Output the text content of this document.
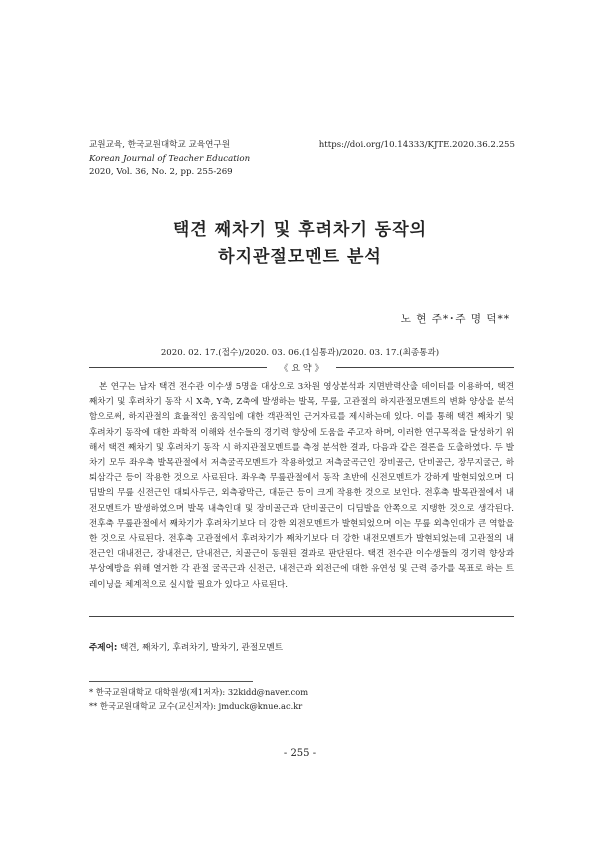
교원교육, 한국교원대학교 교육연구원
Korean Journal of Teacher Education
2020, Vol. 36, No. 2, pp. 255-269
https://doi.org/10.14333/KJTE.2020.36.2.255
택견 째차기 및 후려차기 동작의
하지관절모멘트 분석
노 현 주*･주 명 덕**
2020. 02. 17.(접수)/2020. 03. 06.(1심통과)/2020. 03. 17.(최종통과)
《 요 약 》
본 연구는 남자 택견 전수관 이수생 5명을 대상으로 3차원 영상분석과 지면반력산출 데이터를 이용하여, 택견 째차기 및 후려차기 동작 시 X축, Y축, Z축에 발생하는 발목, 무릎, 고관절의 하지관절모멘트의 변화 양상을 분석함으로써, 하지관절의 효율적인 움직임에 대한 객관적인 근거자료를 제시하는데 있다. 이를 통해 택견 째차기 및 후려차기 동작에 대한 과학적 이해와 선수들의 경기력 향상에 도움을 주고자 하며, 이러한 연구목적을 달성하기 위해서 택견 째차기 및 후려차기 동작 시 하지관절모멘트를 측정 분석한 결과, 다음과 같은 결론을 도출하였다. 두 발차기 모두 좌우축 발목관절에서 저측굴곡모멘트가 작용하였고 저측굴곡근인 장비골근, 단비골근, 장무지굴근, 하퇴삼각근 등이 작용한 것으로 사료된다. 좌우축 무릎관절에서 동작 초반에 신전모멘트가 강하게 발현되었으며 디딤발의 무릎 신전근인 대퇴사두근, 외측광막근, 대둔근 등이 크게 작용한 것으로 보인다. 전후축 발목관절에서 내전모멘트가 발생하였으며 발목 내측인대 및 장비골근과 단비골근이 디딤발을 안쪽으로 지탱한 것으로 생각된다. 전후축 무릎관절에서 째차기가 후려차기보다 더 강한 외전모멘트가 발현되었으며 이는 무릎 외측인대가 큰 역할을 한 것으로 사료된다. 전후축 고관절에서 후려차기가 째차기보다 더 강한 내전모멘트가 발현되었는데 고관절의 내전근인 대내전근, 장내전근, 단내전근, 치골근이 동원된 결과로 판단된다. 택견 전수관 이수생들의 경기력 향상과 부상예방을 위해 열거한 각 관절 굴곡근과 신전근, 내전근과 외전근에 대한 유연성 및 근력 증가를 목표로 하는 트레이닝을 체계적으로 실시할 필요가 있다고 사료된다.
주제어: 택견, 째차기, 후려차기, 발차기, 관절모멘트
* 한국교원대학교 대학원생(제1저자): 32kidd@naver.com
** 한국교원대학교 교수(교신저자): jmduck@knue.ac.kr
- 255 -
